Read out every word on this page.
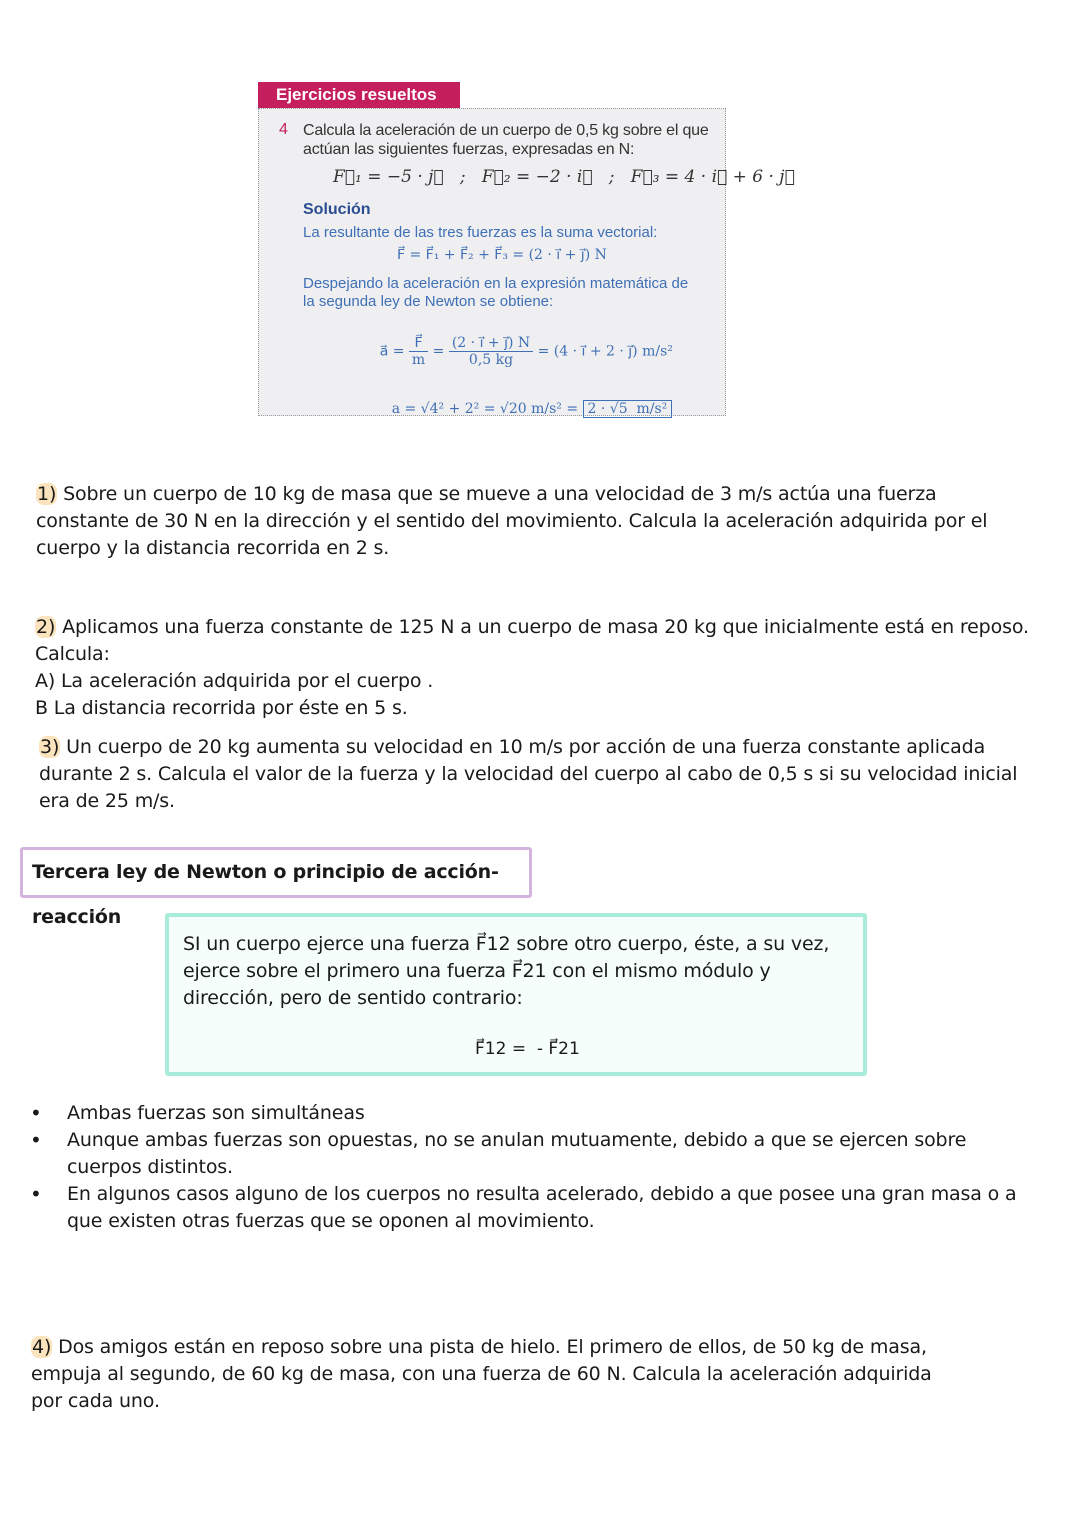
Ejercicios resueltos
4 Calcula la aceleración de un cuerpo de 0,5 kg sobre el que actúan las siguientes fuerzas, expresadas en N:
F⃗₁ = −5 · j⃗   ;   F⃗₂ = −2 · i⃗   ;   F⃗₃ = 4 · i⃗ + 6 · j⃗
Solución
La resultante de las tres fuerzas es la suma vectorial:
F⃗ = F⃗₁ + F⃗₂ + F⃗₃ = (2 · i⃗ + j⃗) N
Despejando la aceleración en la expresión matemática de la segunda ley de Newton se obtiene:

a⃗ = $\frac{F⃗}{m} = \frac{(2 \cdot i⃗ + j⃗) N}{0,5 kg} = (4$ · i⃗ + 2 · j⃗) m/s²

a = √4² + 2² = √20 m/s² = 2 · √5  m/s²

1) Sobre un cuerpo de 10 kg de masa que se mueve a una velocidad de 3 m/s actúa una fuerza constante de 30 N en la dirección y el sentido del movimiento. Calcula la aceleración adquirida por el cuerpo y la distancia recorrida en 2 s.
2) Aplicamos una fuerza constante de 125 N a un cuerpo de masa 20 kg que inicialmente está en reposo.
Calcula:
A) La aceleración adquirida por el cuerpo .
B La distancia recorrida por éste en 5 s.
3) Un cuerpo de 20 kg aumenta su velocidad en 10 m/s por acción de una fuerza constante aplicada durante 2 s. Calcula el valor de la fuerza y la velocidad del cuerpo al cabo de 0,5 s si su velocidad inicial era de 25 m/s.
Tercera ley de Newton o principio de acción-reacción
SI un cuerpo ejerce una fuerza F⃗12 sobre otro cuerpo, éste, a su vez, ejerce sobre el primero una fuerza F⃗21 con el mismo módulo y dirección, pero de sentido contrario:
F⃗12 =  - F⃗21
• Ambas fuerzas son simultáneas
• Aunque ambas fuerzas son opuestas, no se anulan mutuamente, debido a que se ejercen sobre cuerpos distintos.
• En algunos casos alguno de los cuerpos no resulta acelerado, debido a que posee una gran masa o a que existen otras fuerzas que se oponen al movimiento.
4) Dos amigos están en reposo sobre una pista de hielo. El primero de ellos, de 50 kg de masa, empuja al segundo, de 60 kg de masa, con una fuerza de 60 N. Calcula la aceleración adquirida por cada uno.
